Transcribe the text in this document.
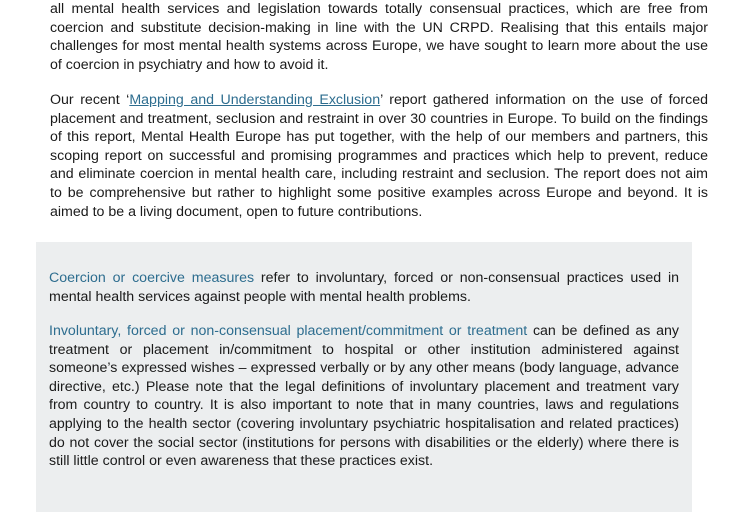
all mental health services and legislation towards totally consensual practices, which are free from coercion and substitute decision-making in line with the UN CRPD. Realising that this entails major challenges for most mental health systems across Europe, we have sought to learn more about the use of coercion in psychiatry and how to avoid it.

Our recent ‘Mapping and Understanding Exclusion’ report gathered information on the use of forced placement and treatment, seclusion and restraint in over 30 countries in Europe. To build on the findings of this report, Mental Health Europe has put together, with the help of our members and partners, this scoping report on successful and promising programmes and practices which help to prevent, reduce and eliminate coercion in mental health care, including restraint and seclusion. The report does not aim to be comprehensive but rather to highlight some positive examples across Europe and beyond. It is aimed to be a living document, open to future contributions.

Coercion or coercive measures refer to involuntary, forced or non-consensual practices used in mental health services against people with mental health problems.

Involuntary, forced or non-consensual placement/commitment or treatment can be defined as any treatment or placement in/commitment to hospital or other institution administered against someone’s expressed wishes – expressed verbally or by any other means (body language, advance directive, etc.) Please note that the legal definitions of involuntary placement and treatment vary from country to country. It is also important to note that in many countries, laws and regulations applying to the health sector (covering involuntary psychiatric hospitalisation and related practices) do not cover the social sector (institutions for persons with disabilities or the elderly) where there is still little control or even awareness that these practices exist.
